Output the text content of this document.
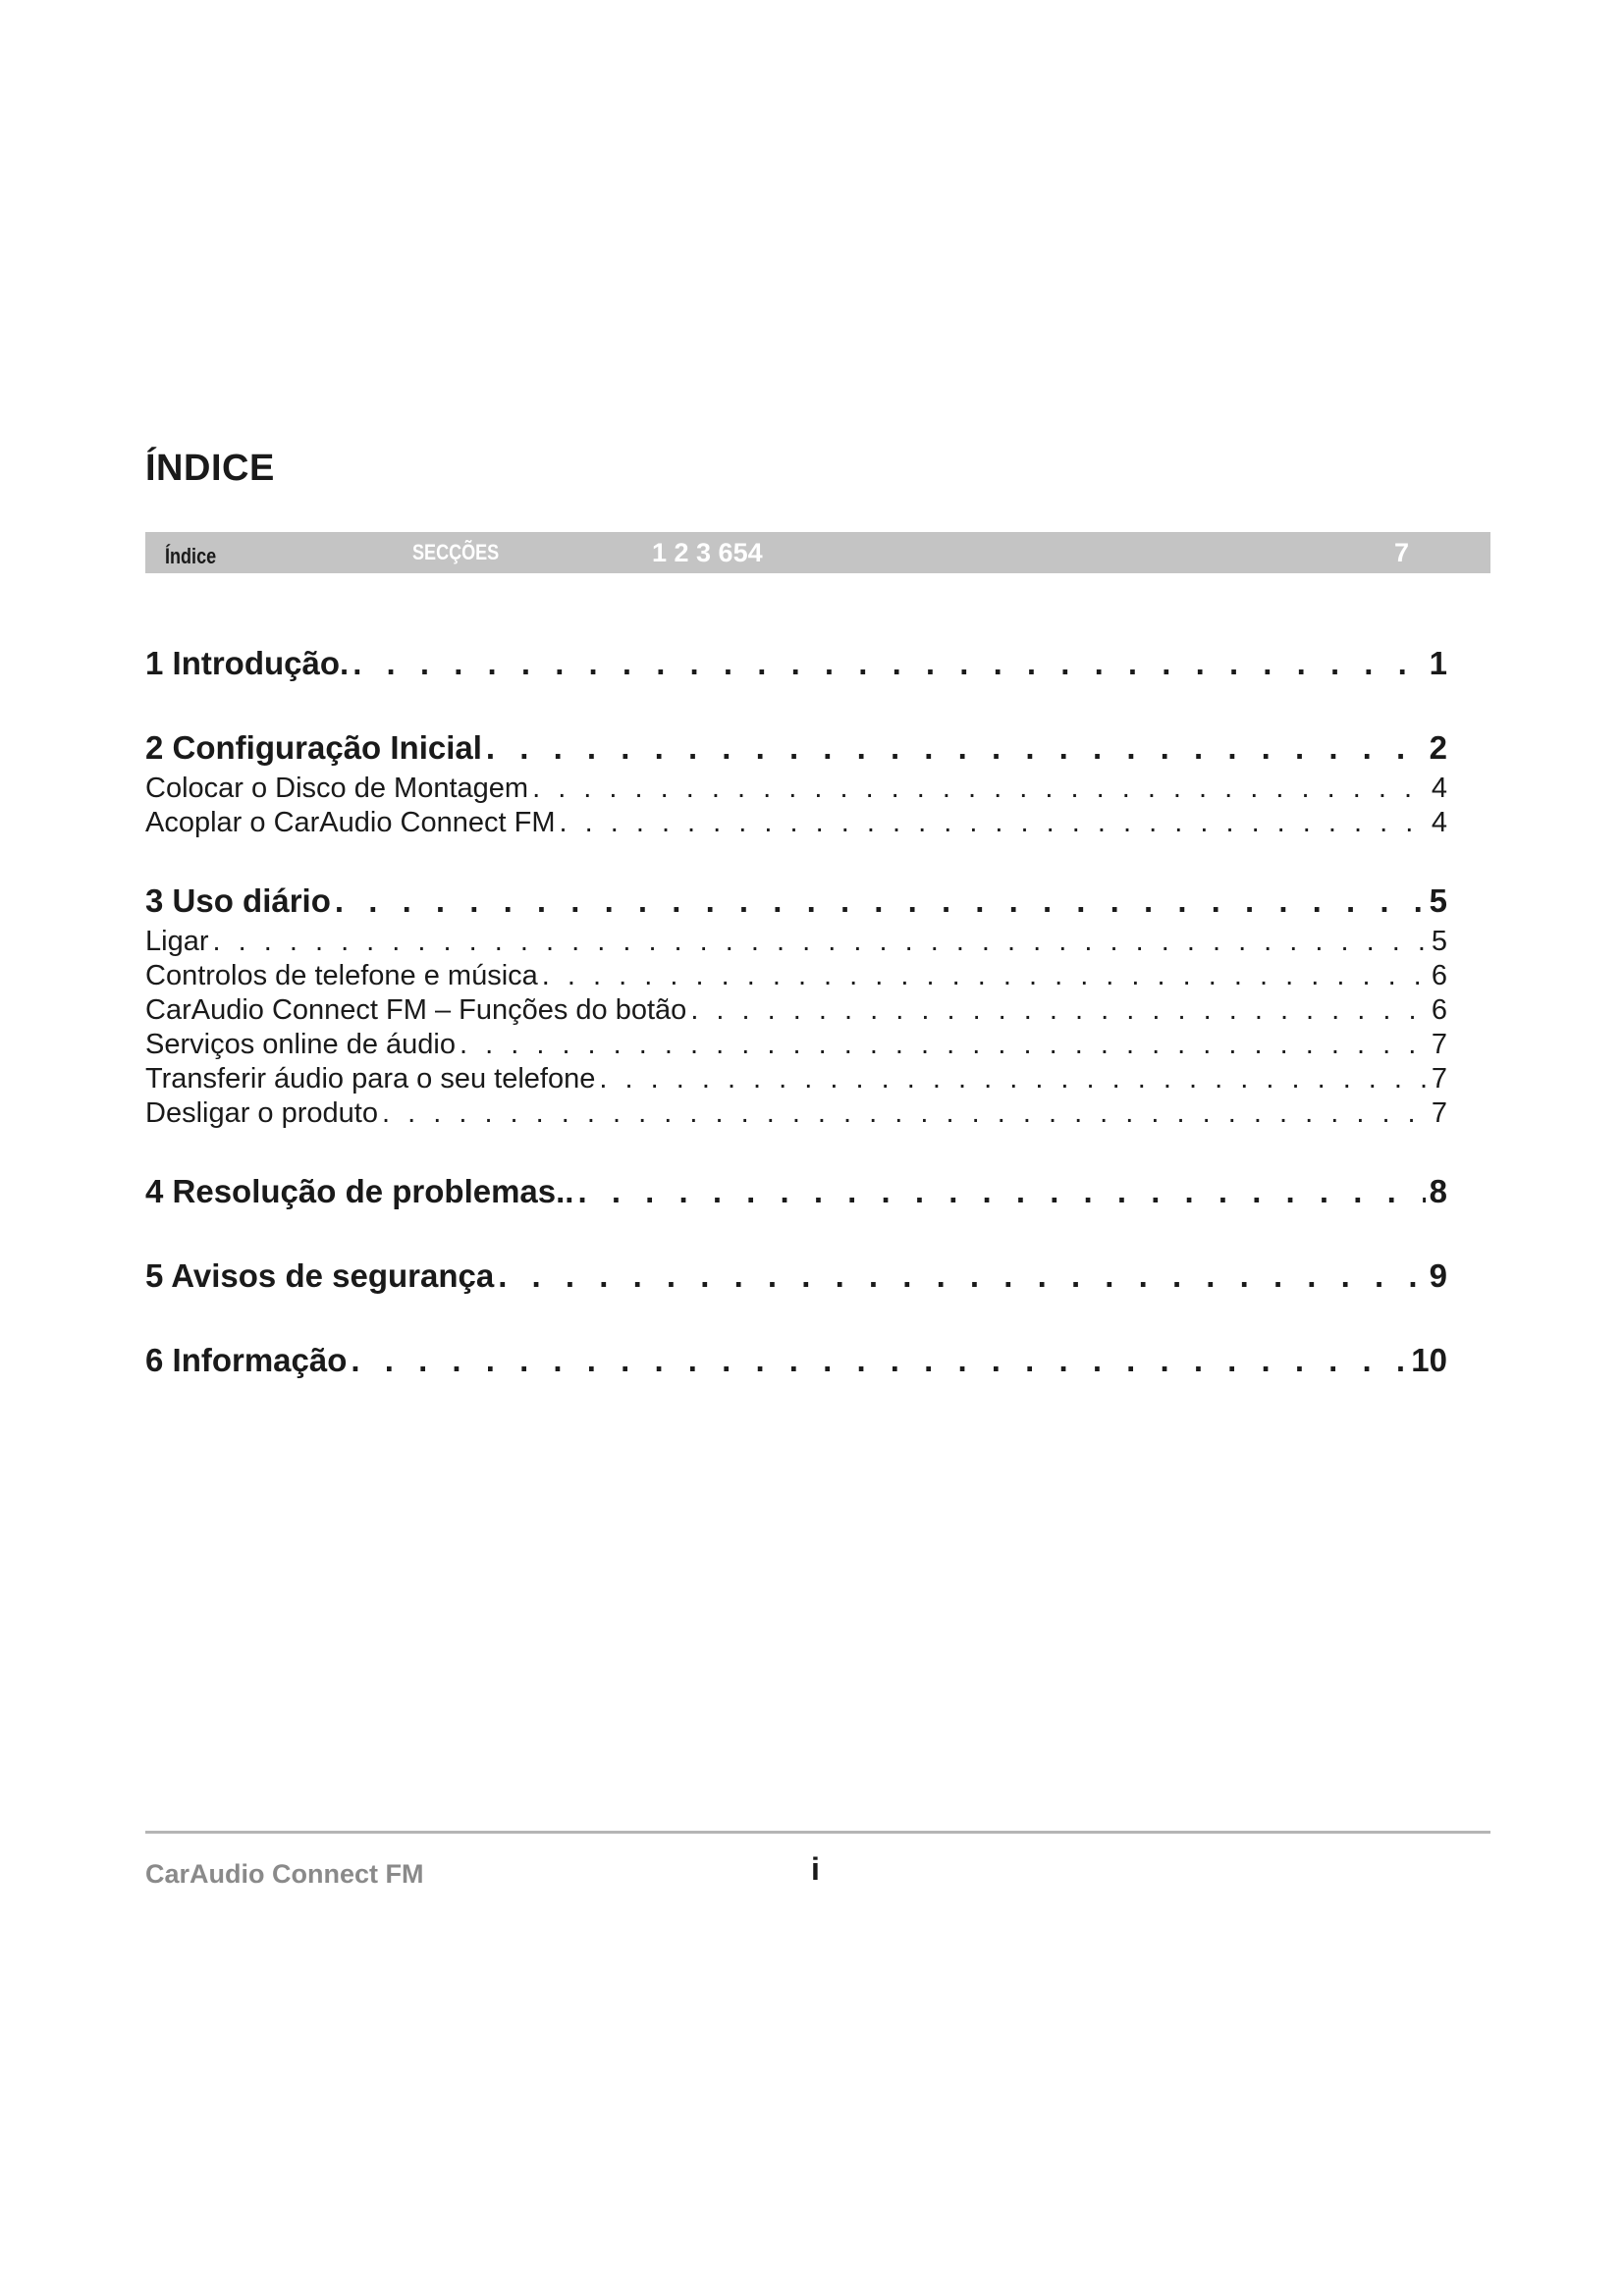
ÍNDICE
Índice	SECÇÕES	1 2 3 654	7
1 Introdução. . . .	1
2 Configuração Inicial . . .	2
Colocar o Disco de Montagem . . .	4
Acoplar o CarAudio Connect FM . . .	4
3 Uso diário . . .	5
Ligar . . .	5
Controlos de telefone e música . . .	6
CarAudio Connect FM – Funções do botão . . .	6
Serviços online de áudio . . .	7
Transferir áudio para o seu telefone . . .	7
Desligar o produto . . .	7
4 Resolução de problemas.. . . .	8
5 Avisos de segurança . . .	9
6 Informação . . .	10
CarAudio Connect FM	i
